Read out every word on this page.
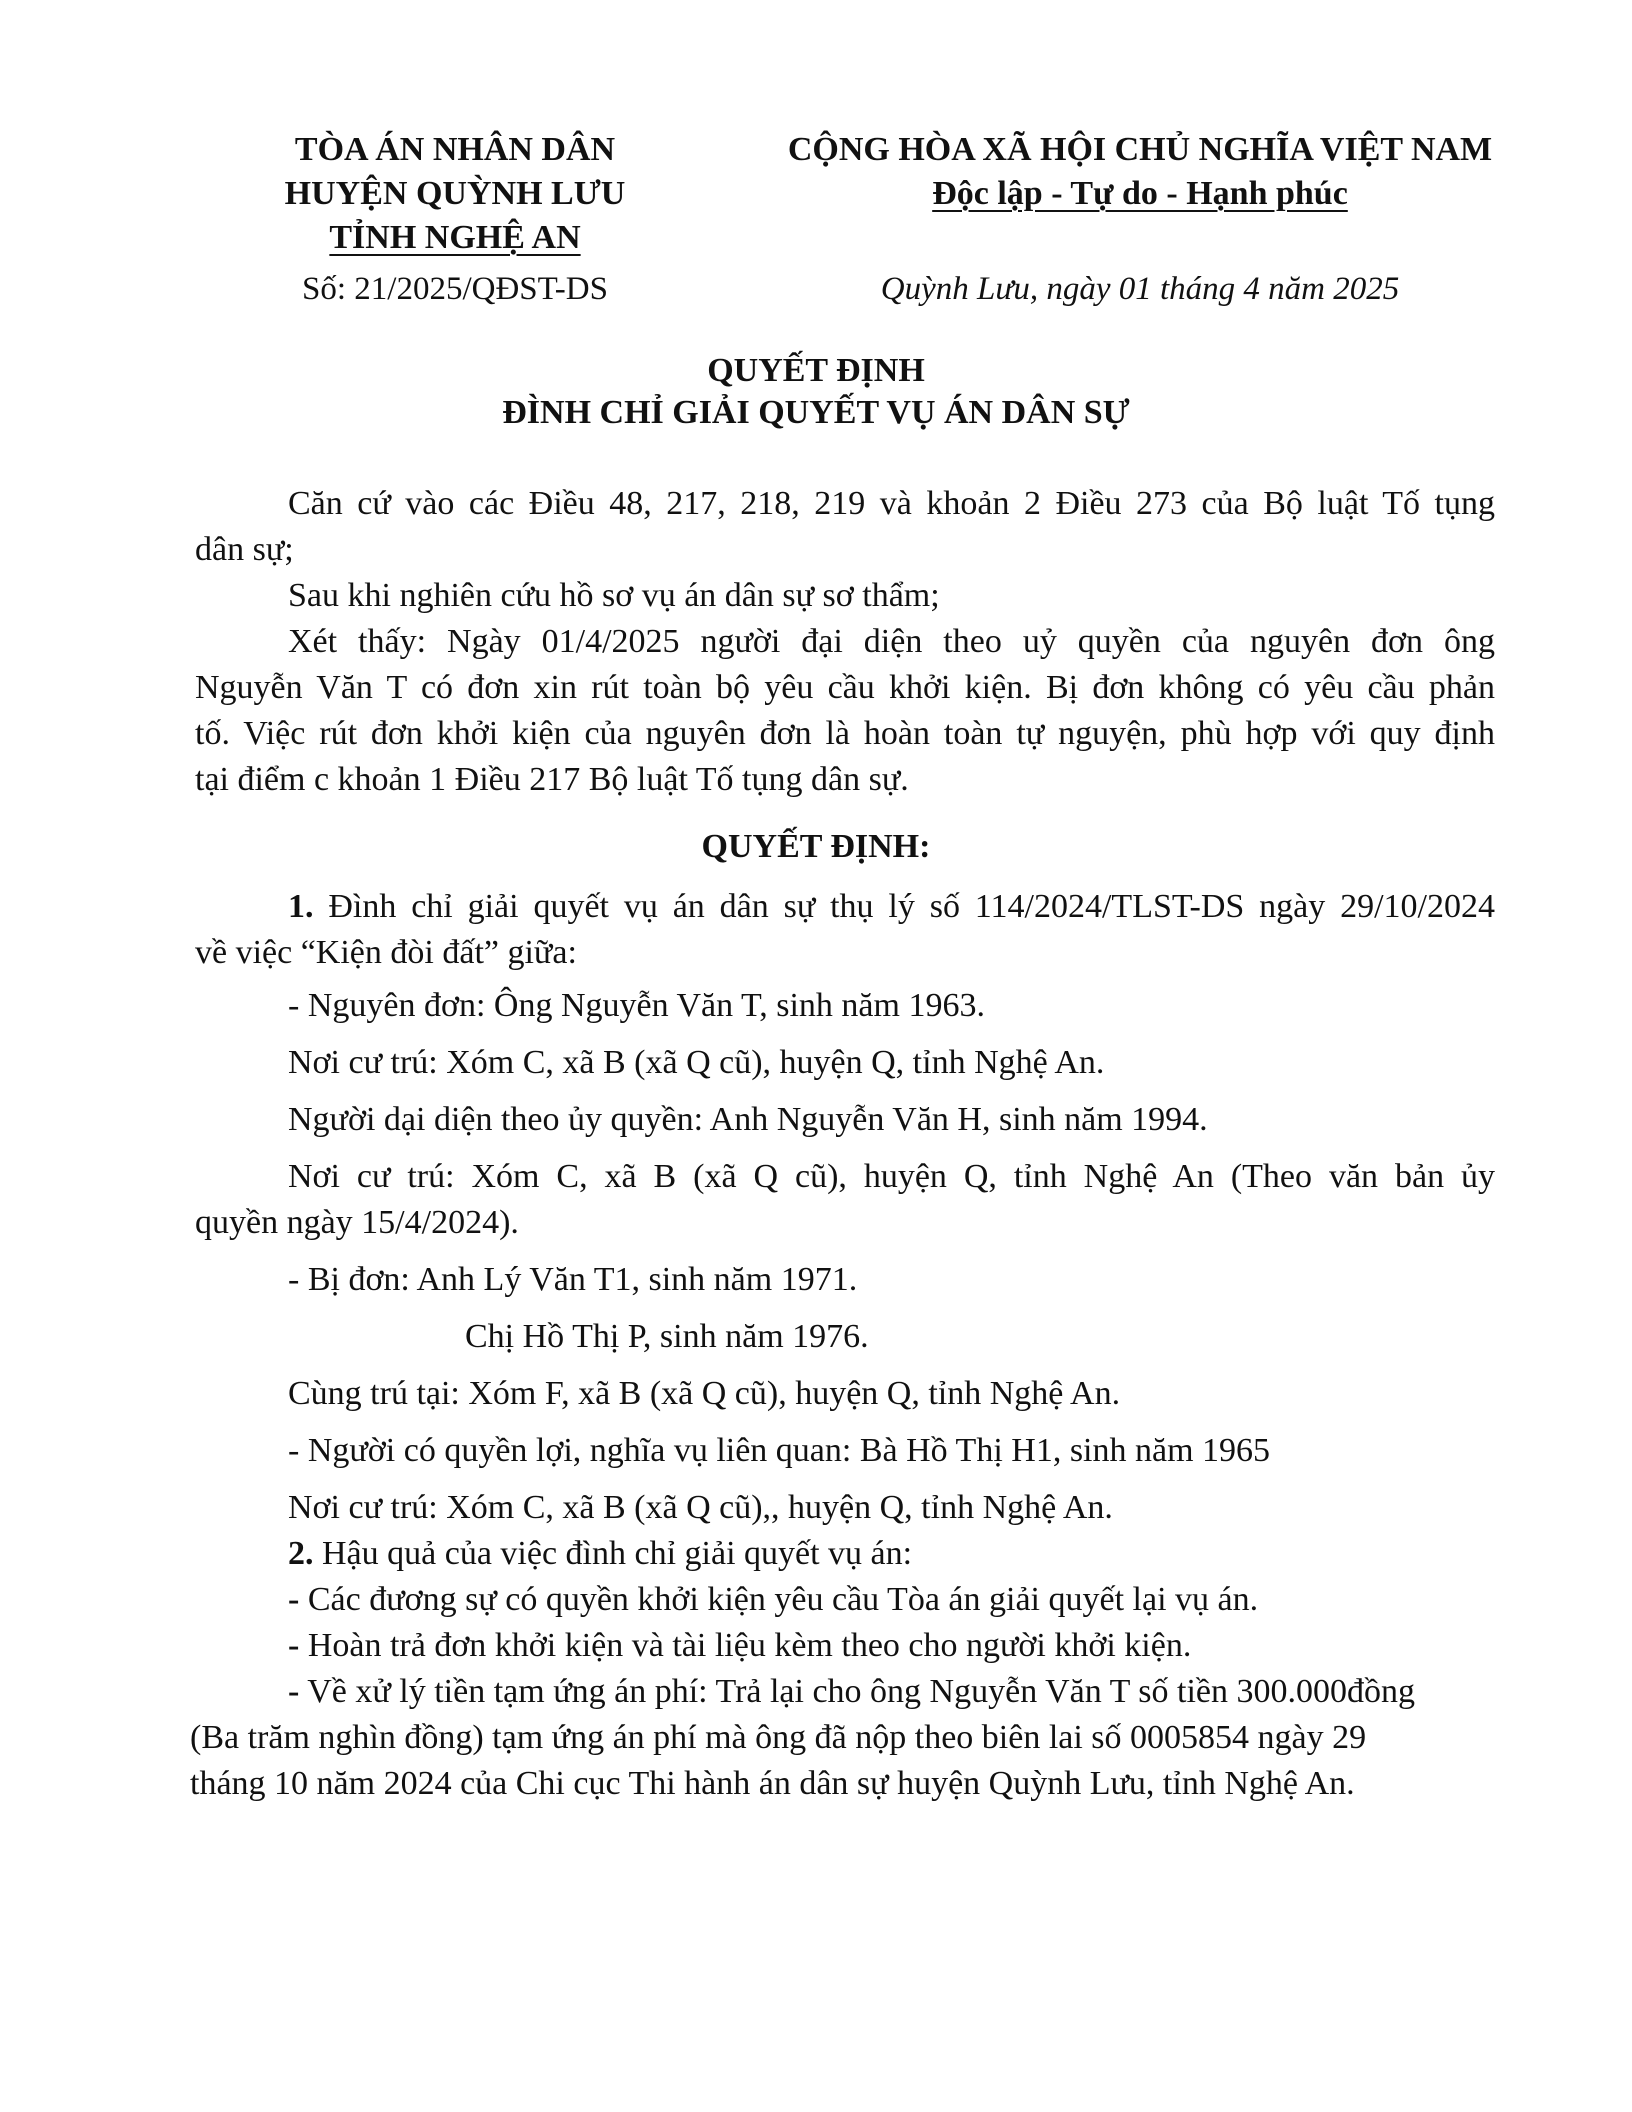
TÒA ÁN NHÂN DÂN
HUYỆN QUỲNH LƯU
TỈNH NGHỆ AN
Số: 21/2025/QĐST-DS
CỘNG HÒA XÃ HỘI CHỦ NGHĨA VIỆT NAM
Độc lập - Tự do - Hạnh phúc
Quỳnh Lưu, ngày 01 tháng 4 năm 2025
QUYẾT ĐỊNH
ĐÌNH CHỈ GIẢI QUYẾT VỤ ÁN DÂN SỰ
Căn cứ vào các Điều 48, 217, 218, 219 và khoản 2 Điều 273 của Bộ luật Tố tụng
dân sự;
Sau khi nghiên cứu hồ sơ vụ án dân sự sơ thẩm;
Xét thấy: Ngày 01/4/2025 người đại diện theo uỷ quyền của nguyên đơn ông
Nguyễn Văn T có đơn xin rút toàn bộ yêu cầu khởi kiện. Bị đơn không có yêu cầu phản
tố. Việc rút đơn khởi kiện của nguyên đơn là hoàn toàn tự nguyện, phù hợp với quy định
tại điểm c khoản 1 Điều 217 Bộ luật Tố tụng dân sự.
QUYẾT ĐỊNH:
1. Đình chỉ giải quyết vụ án dân sự thụ lý số 114/2024/TLST-DS ngày 29/10/2024
về việc “Kiện đòi đất” giữa:
- Nguyên đơn: Ông Nguyễn Văn T, sinh năm 1963.
Nơi cư trú: Xóm C, xã B (xã Q cũ), huyện Q, tỉnh Nghệ An.
Người dại diện theo ủy quyền: Anh Nguyễn Văn H, sinh năm 1994.
Nơi cư trú: Xóm C, xã B (xã Q cũ), huyện Q, tỉnh Nghệ An (Theo văn bản ủy
quyền ngày 15/4/2024).
- Bị đơn: Anh Lý Văn T1, sinh năm 1971.
Chị Hồ Thị P, sinh năm 1976.
Cùng trú tại: Xóm F, xã B (xã Q cũ), huyện Q, tỉnh Nghệ An.
- Người có quyền lợi, nghĩa vụ liên quan: Bà Hồ Thị H1, sinh năm 1965
Nơi cư trú: Xóm C, xã B (xã Q cũ),, huyện Q, tỉnh Nghệ An.
2. Hậu quả của việc đình chỉ giải quyết vụ án:
- Các đương sự có quyền khởi kiện yêu cầu Tòa án giải quyết lại vụ án.
- Hoàn trả đơn khởi kiện và tài liệu kèm theo cho người khởi kiện.
- Về xử lý tiền tạm ứng án phí: Trả lại cho ông Nguyễn Văn T số tiền 300.000đồng
(Ba trăm nghìn đồng) tạm ứng án phí mà ông đã nộp theo biên lai số 0005854 ngày 29
tháng 10 năm 2024 của Chi cục Thi hành án dân sự huyện Quỳnh Lưu, tỉnh Nghệ An.
